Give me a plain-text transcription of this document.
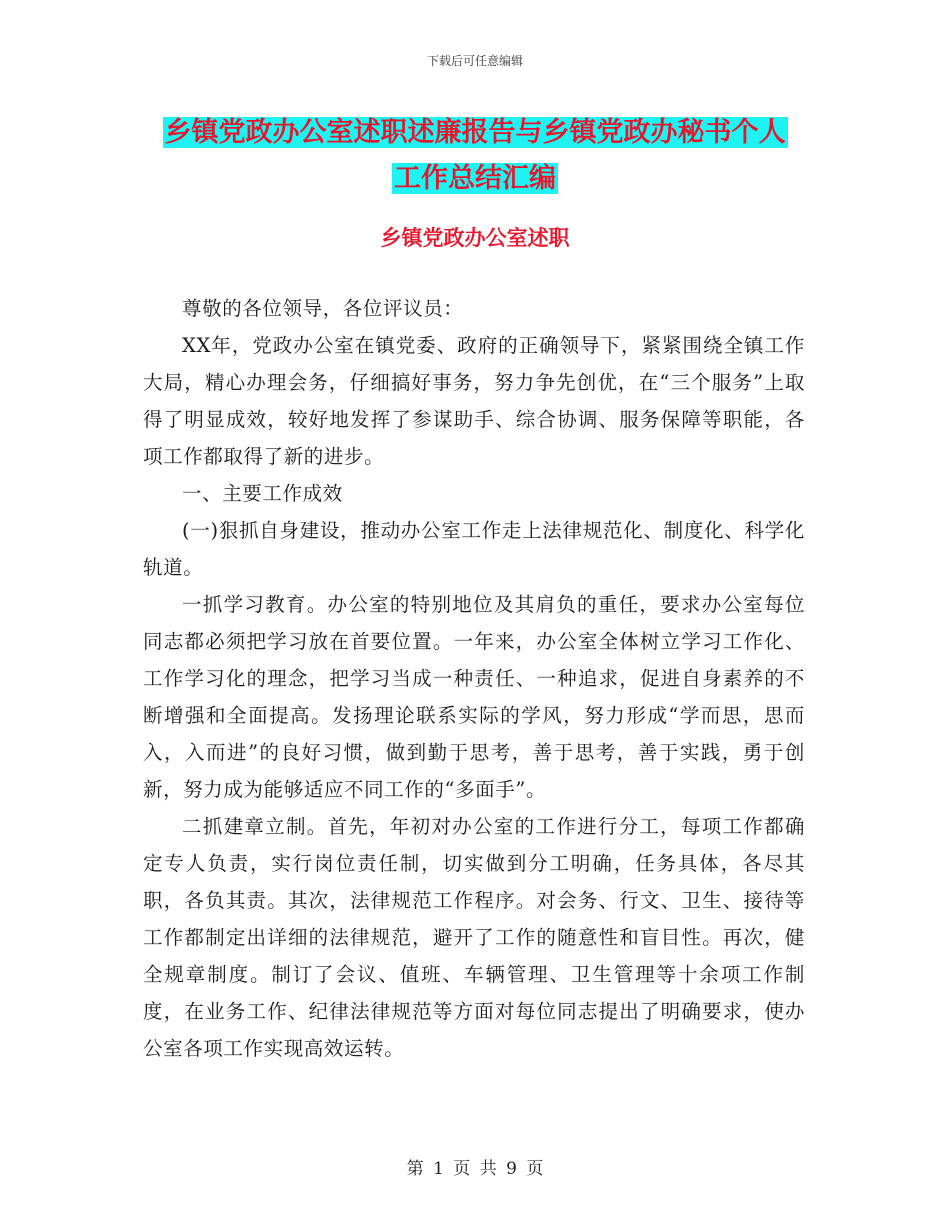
下载后可任意编辑
乡镇党政办公室述职述廉报告与乡镇党政办秘书个人
工作总结汇编
乡镇党政办公室述职

尊敬的各位领导，各位评议员：

XX年，党政办公室在镇党委、政府的正确领导下，紧紧围绕全镇工作大局，精心办理会务，仔细搞好事务，努力争先创优，在“三个服务”上取得了明显成效，较好地发挥了参谋助手、综合协调、服务保障等职能，各项工作都取得了新的进步。

一、主要工作成效

(一)狠抓自身建设，推动办公室工作走上法律规范化、制度化、科学化轨道。

一抓学习教育。办公室的特别地位及其肩负的重任，要求办公室每位同志都必须把学习放在首要位置。一年来，办公室全体树立学习工作化、工作学习化的理念，把学习当成一种责任、一种追求，促进自身素养的不断增强和全面提高。发扬理论联系实际的学风，努力形成“学而思，思而入，入而进”的良好习惯，做到勤于思考，善于思考，善于实践，勇于创新，努力成为能够适应不同工作的“多面手”。

二抓建章立制。首先，年初对办公室的工作进行分工，每项工作都确定专人负责，实行岗位责任制，切实做到分工明确，任务具体，各尽其职，各负其责。其次，法律规范工作程序。对会务、行文、卫生、接待等工作都制定出详细的法律规范，避开了工作的随意性和盲目性。再次，健全规章制度。制订了会议、值班、车辆管理、卫生管理等十余项工作制度，在业务工作、纪律法律规范等方面对每位同志提出了明确要求，使办公室各项工作实现高效运转。

第 1 页 共 9 页
